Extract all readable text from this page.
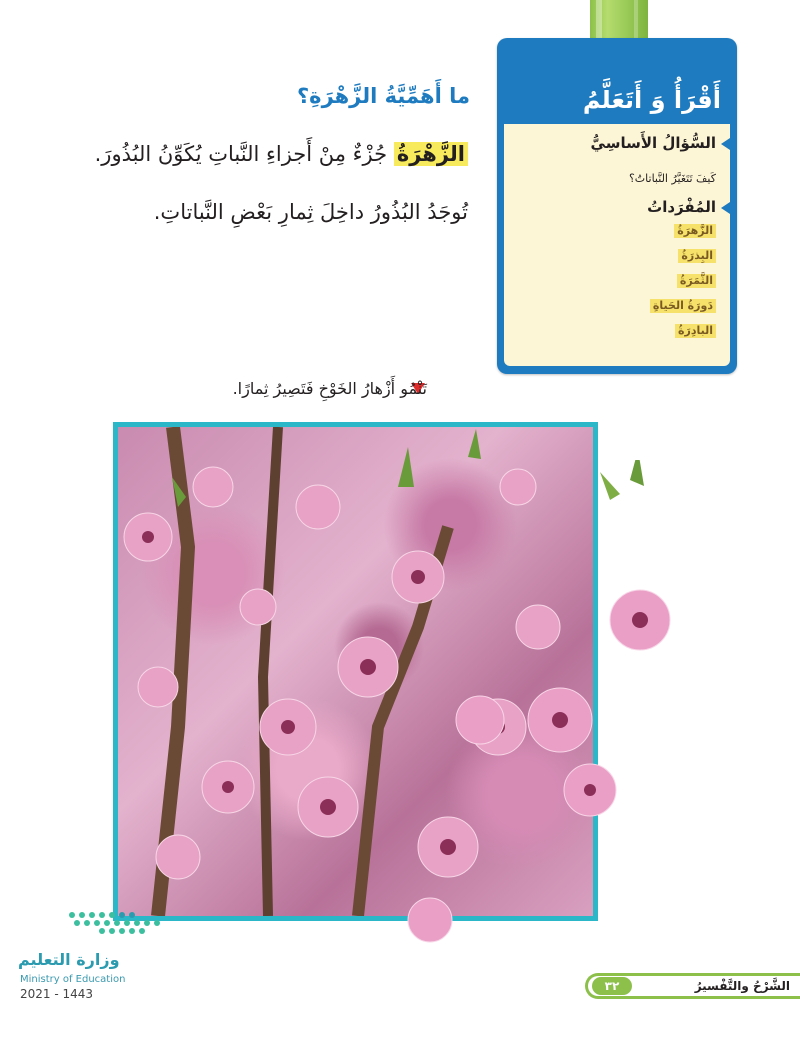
أَقْرَأُ وَ أَتَعَلَّمُ
السُّؤالُ الأَساسِيُّ
كَيفَ تَتَغَيَّرُ النَّباتاتُ؟
المُفْرَداتُ
الزَّهرَةُ
البِذرَةُ
الثَّمَرَةُ
دَورَةُ الحَياةِ
البادِرَةُ
ما أَهَمِّيَّةُ الزَّهْرَةِ؟
الزَّهْرَةُ جُزْءٌ مِنْ أَجزاءِ النَّباتِ يُكَوِّنُ البُذُورَ.
تُوجَدُ البُذُورُ داخِلَ ثِمارِ بَعْضِ النَّباتاتِ.
تَنْمُو أَزْهارُ الخَوْخِ فَتَصِيرُ ثِمارًا.
وزارة التعليم
Ministry of Education
2021 - 1443
٣٢	الشَّرْحُ والتَّفْسيرُ
